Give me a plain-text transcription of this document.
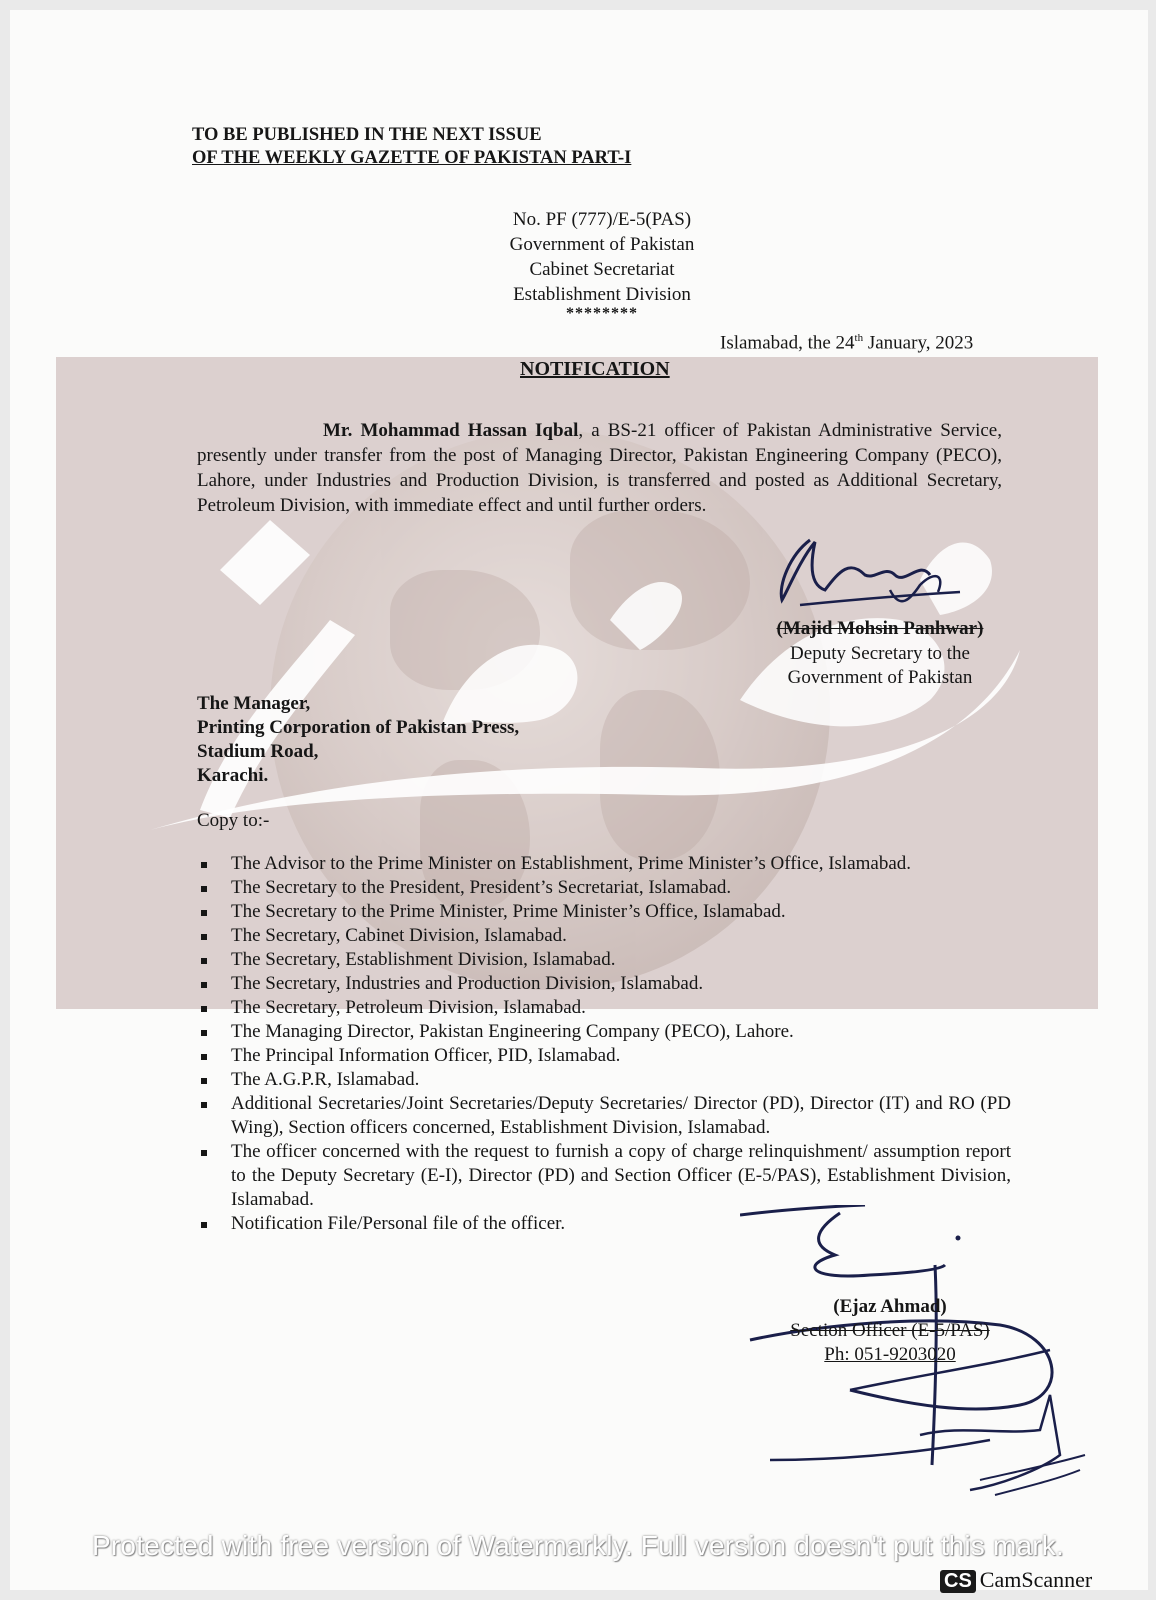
TO BE PUBLISHED IN THE NEXT ISSUE
OF THE WEEKLY GAZETTE OF PAKISTAN PART-I
No. PF (777)/E-5(PAS)
Government of Pakistan
Cabinet Secretariat
Establishment Division
********
Islamabad, the 24th January, 2023
NOTIFICATION
Mr. Mohammad Hassan Iqbal, a BS-21 officer of Pakistan Administrative Service, presently under transfer from the post of Managing Director, Pakistan Engineering Company (PECO), Lahore, under Industries and Production Division, is transferred and posted as Additional Secretary, Petroleum Division, with immediate effect and until further orders.
(Majid Mohsin Panhwar)
Deputy Secretary to the
Government of Pakistan
The Manager,
Printing Corporation of Pakistan Press,
Stadium Road,
Karachi.
Copy to:-
The Advisor to the Prime Minister on Establishment, Prime Minister’s Office, Islamabad.
The Secretary to the President, President’s Secretariat, Islamabad.
The Secretary to the Prime Minister, Prime Minister’s Office, Islamabad.
The Secretary, Cabinet Division, Islamabad.
The Secretary, Establishment Division, Islamabad.
The Secretary, Industries and Production Division, Islamabad.
The Secretary, Petroleum Division, Islamabad.
The Managing Director, Pakistan Engineering Company (PECO), Lahore.
The Principal Information Officer, PID, Islamabad.
The A.G.P.R, Islamabad.
Additional Secretaries/Joint Secretaries/Deputy Secretaries/ Director (PD), Director (IT) and RO (PD Wing), Section officers concerned, Establishment Division, Islamabad.
The officer concerned with the request to furnish a copy of charge relinquishment/ assumption report to the Deputy Secretary (E-I), Director (PD) and Section Officer (E-5/PAS), Establishment Division, Islamabad.
Notification File/Personal file of the officer.
(Ejaz Ahmad)
Section Officer (E-5/PAS)
Ph: 051-9203020
Protected with free version of Watermarkly. Full version doesn't put this mark.
CS CamScanner
